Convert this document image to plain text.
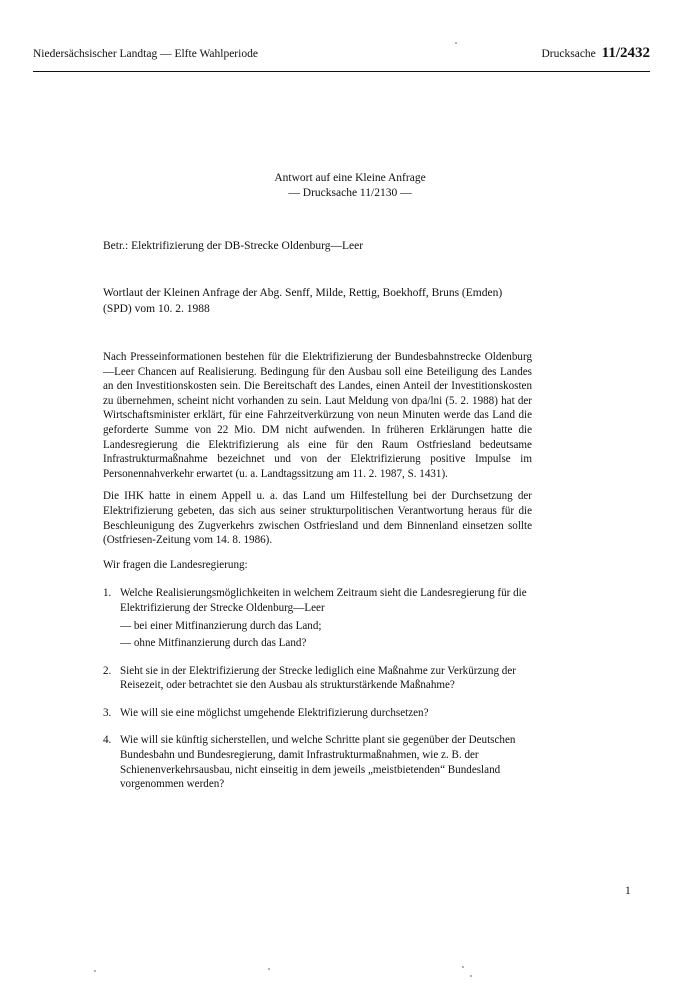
Niedersächsischer Landtag — Elfte Wahlperiode	Drucksache 11/2432
Antwort auf eine Kleine Anfrage
— Drucksache 11/2130 —
Betr.: Elektrifizierung der DB-Strecke Oldenburg—Leer
Wortlaut der Kleinen Anfrage der Abg. Senff, Milde, Rettig, Boekhoff, Bruns (Emden) (SPD) vom 10. 2. 1988

Nach Presseinformationen bestehen für die Elektrifizierung der Bundesbahnstrecke Oldenburg—Leer Chancen auf Realisierung. Bedingung für den Ausbau soll eine Beteiligung des Landes an den Investitionskosten sein. Die Bereitschaft des Landes, einen Anteil der Investitionskosten zu übernehmen, scheint nicht vorhanden zu sein. Laut Meldung von dpa/lni (5. 2. 1988) hat der Wirtschaftsminister erklärt, für eine Fahrzeitverkürzung von neun Minuten werde das Land die geforderte Summe von 22 Mio. DM nicht aufwenden. In früheren Erklärungen hatte die Landesregierung die Elektrifizierung als eine für den Raum Ostfriesland bedeutsame Infrastrukturmaßnahme bezeichnet und von der Elektrifizierung positive Impulse im Personennahverkehr erwartet (u. a. Landtagssitzung am 11. 2. 1987, S. 1431).

Die IHK hatte in einem Appell u. a. das Land um Hilfestellung bei der Durchsetzung der Elektrifizierung gebeten, das sich aus seiner strukturpolitischen Verantwortung heraus für die Beschleunigung des Zugverkehrs zwischen Ostfriesland und dem Binnenland einsetzen sollte (Ostfriesen-Zeitung vom 14. 8. 1986).

Wir fragen die Landesregierung:
1. Welche Realisierungsmöglichkeiten in welchem Zeitraum sieht die Landesregierung für die Elektrifizierung der Strecke Oldenburg—Leer
— bei einer Mitfinanzierung durch das Land;
— ohne Mitfinanzierung durch das Land?
2. Sieht sie in der Elektrifizierung der Strecke lediglich eine Maßnahme zur Verkürzung der Reisezeit, oder betrachtet sie den Ausbau als strukturstärkende Maßnahme?
3. Wie will sie eine möglichst umgehende Elektrifizierung durchsetzen?
4. Wie will sie künftig sicherstellen, und welche Schritte plant sie gegenüber der Deutschen Bundesbahn und Bundesregierung, damit Infrastrukturmaßnahmen, wie z. B. der Schienenverkehrsausbau, nicht einseitig in dem jeweils „meistbietenden“ Bundesland vorgenommen werden?
1
